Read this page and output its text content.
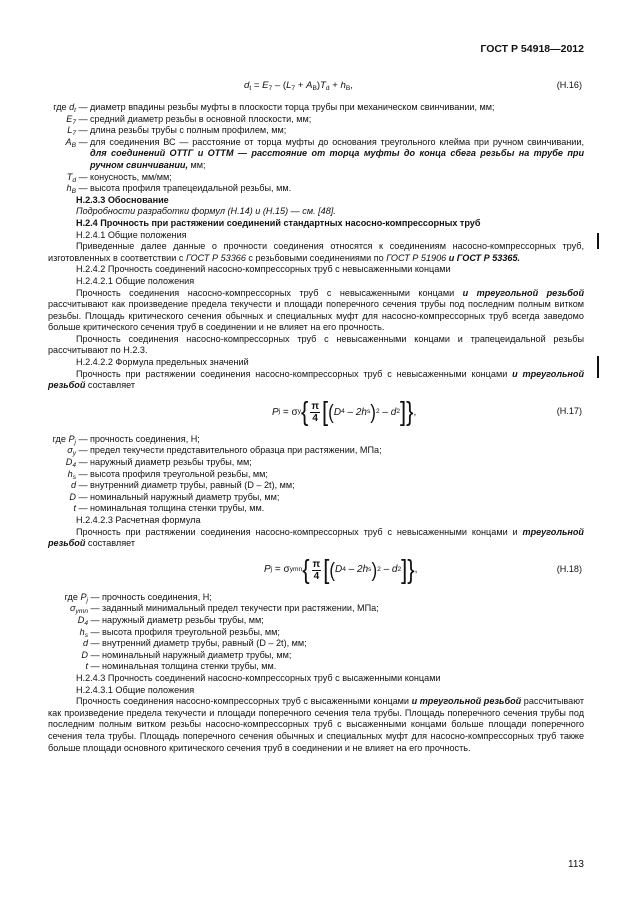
ГОСТ Р 54918—2012
$d_t = E_7 - (L_7 + A_B)T_d + h_B$,	(Н.16)
где $d_t$ — диаметр впадины резьбы муфты в плоскости торца трубы при механическом свинчивании, мм;
$E_7$ — средний диаметр резьбы в основной плоскости, мм;
$L_7$ — длина резьбы трубы с полным профилем, мм;
$A_B$ — для соединения ВС — расстояние от торца муфты до основания треугольного клейма при ручном свинчивании, для соединений ОТТГ и ОТТМ — расстояние от торца муфты до конца сбега резьбы на трубе при ручном свинчивании, мм;
$T_d$ — конусность, мм/мм;
$h_B$ — высота профиля трапецеидальной резьбы, мм.
Н.2.3.3 Обоснование
Подробности разработки формул (Н.14) и (Н.15) — см. [48].
Н.2.4 Прочность при растяжении соединений стандартных насосно-компрессорных труб
Н.2.4.1 Общие положения

Приведенные далее данные о прочности соединения относятся к соединениям насосно-компрессорных труб, изготовленных в соответствии с ГОСТ Р 53366 с резьбовыми соединениями по ГОСТ Р 51906 и ГОСТ Р 53365.

Н.2.4.2 Прочность соединений насосно-компрессорных труб с невысаженными концами
Н.2.4.2.1 Общие положения

Прочность соединения насосно-компрессорных труб с невысаженными концами и треугольной резьбой рассчитывают как произведение предела текучести и площади поперечного сечения трубы под последним полным витком резьбы. Площадь критического сечения обычных и специальных муфт для насосно-компрессорных труб всегда заведомо больше критического сечения труб в соединении и не влияет на его прочность.

Прочность соединения насосно-компрессорных труб с невысаженными концами и трапецеидальной резьбы рассчитывают по Н.2.3.

Н.2.4.2.2 Формула предельных значений

Прочность при растяжении соединения насосно-компрессорных труб с невысаженными концами и треугольной резьбой составляет

P j = σ y { $\frac{\pi}{4}$ [ ( D 4 – 2h s ) 2 – d 2 ] } ,	(Н.17)
где $P_j$ — прочность соединения, Н;
$\sigma_y$ — предел текучести представительного образца при растяжении, МПа;
$D_4$ — наружный диаметр резьбы трубы, мм;
$h_s$ — высота профиля треугольной резьбы, мм;
d — внутренний диаметр трубы, равный (D – 2t), мм;
D — номинальный наружный диаметр трубы, мм;
t — номинальная толщина стенки трубы, мм.
Н.2.4.2.3 Расчетная формула

Прочность при растяжении соединения насосно-компрессорных труб с невысаженными концами и треугольной резьбой составляет

P j = σ ymn { $\frac{\pi}{4}$ [ ( D 4 – 2h s ) 2 – d 2 ] } ,	(Н.18)
где $P_j$ — прочность соединения, Н;
$\sigma_{ymn}$ — заданный минимальный предел текучести при растяжении, МПа;
$D_4$ — наружный диаметр резьбы трубы, мм;
$h_s$ — высота профиля треугольной резьбы, мм;
d — внутренний диаметр трубы, равный (D – 2t), мм;
D — номинальный наружный диаметр трубы, мм;
t — номинальная толщина стенки трубы, мм.
Н.2.4.3 Прочность соединений насосно-компрессорных труб с высаженными концами
Н.2.4.3.1 Общие положения

Прочность соединения насосно-компрессорных труб с высаженными концами и треугольной резьбой рассчитывают как произведение предела текучести и площади поперечного сечения тела трубы. Площадь поперечного сечения трубы под последним полным витком резьбы насосно-компрессорных труб с высаженными концами больше площади поперечного сечения тела трубы. Площадь поперечного сечения обычных и специальных муфт для насосно-компрессорных труб также больше площади основного критического сечения труб в соединении и не влияет на его прочность.

113
